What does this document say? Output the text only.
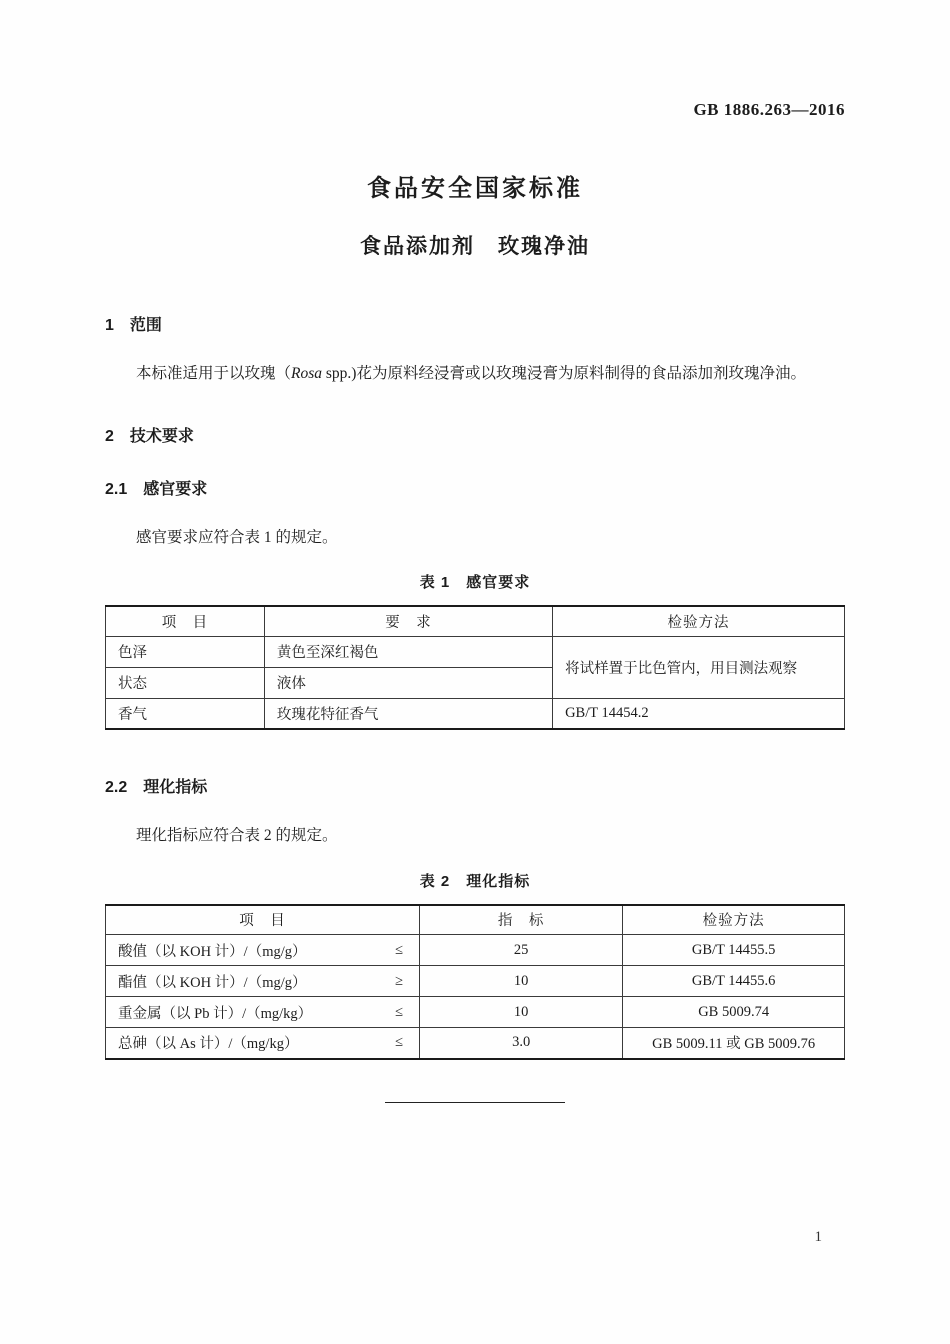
GB 1886.263—2016
食品安全国家标准
食品添加剂　玫瑰净油
1　范围

本标准适用于以玫瑰（Rosa spp.)花为原料经浸膏或以玫瑰浸膏为原料制得的食品添加剂玫瑰净油。

2　技术要求
2.1　感官要求

感官要求应符合表 1 的规定。

表 1　感官要求
项　目	要　求	检验方法
色泽	黄色至深红褐色	将试样置于比色管内，用目测法观察
状态	液体	
香气	玫瑰花特征香气	GB/T 14454.2
2.2　理化指标

理化指标应符合表 2 的规定。

表 2　理化指标
项　目	指　标	检验方法

酸值（以 KOH 计）/（mg/g） ≤	25	GB/T 14455.5

酯值（以 KOH 计）/（mg/g） ≥	10	GB/T 14455.6

重金属（以 Pb 计）/（mg/kg） ≤	10	GB 5009.74

总砷（以 As 计）/（mg/kg） ≤	3.0	GB 5009.11 或 GB 5009.76
1
